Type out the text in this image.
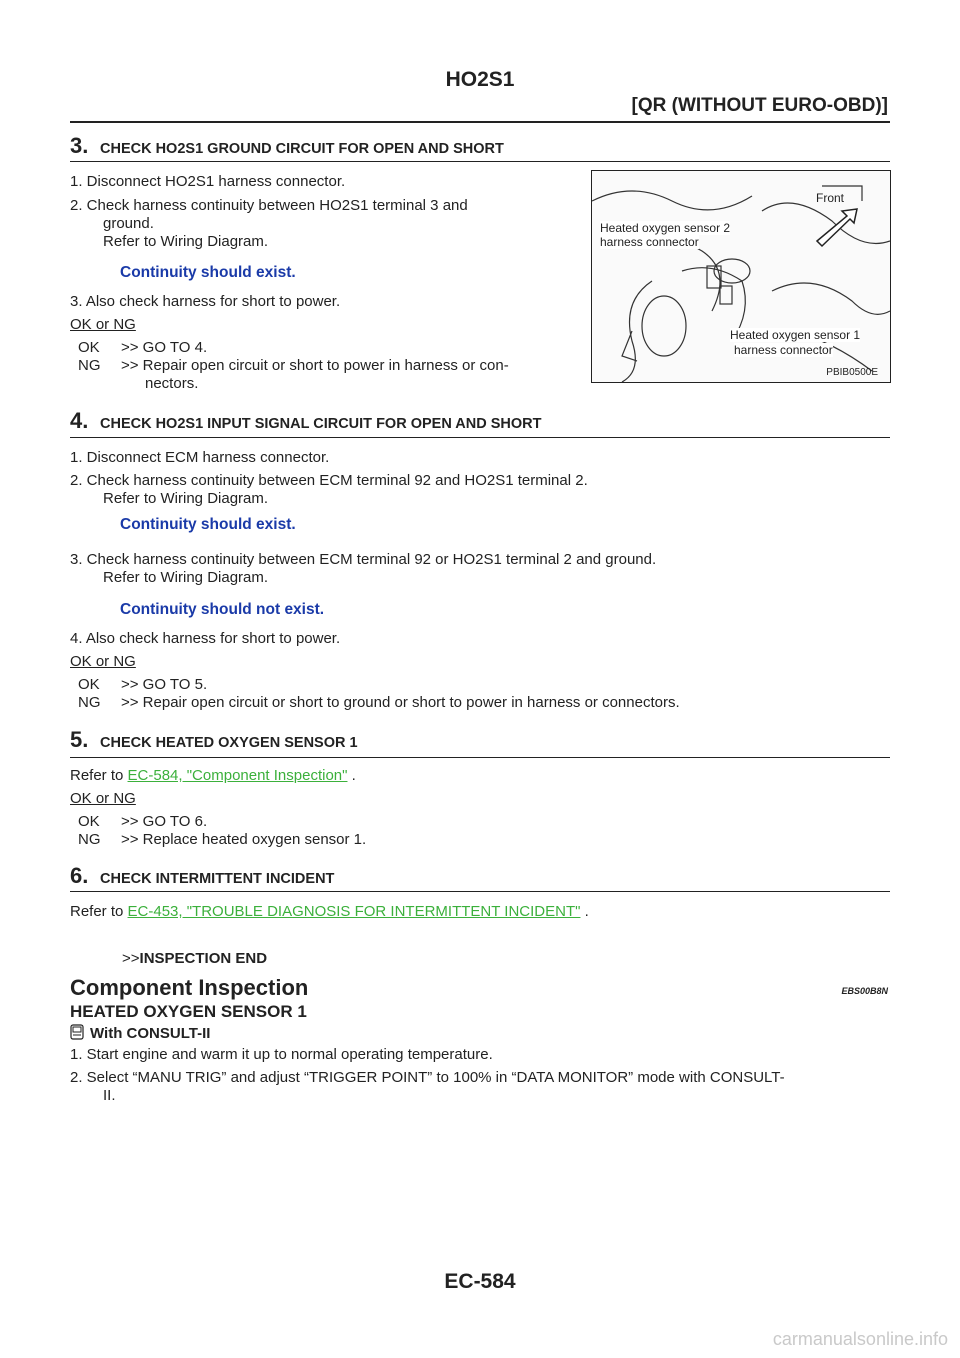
HO2S1
[QR (WITHOUT EURO-OBD)]
3. CHECK HO2S1 GROUND CIRCUIT FOR OPEN AND SHORT
1. Disconnect HO2S1 harness connector.
2. Check harness continuity between HO2S1 terminal 3 and
ground.
Refer to Wiring Diagram.
Continuity should exist.
3. Also check harness for short to power.
OK or NG
OK >> GO TO 4.
NG >> Repair open circuit or short to power in harness or con-
nectors.
Front
Heated oxygen sensor 2
harness connector
Heated oxygen sensor 1
harness connector
PBIB0500E
4. CHECK HO2S1 INPUT SIGNAL CIRCUIT FOR OPEN AND SHORT
1. Disconnect ECM harness connector.
2. Check harness continuity between ECM terminal 92 and HO2S1 terminal 2.
Refer to Wiring Diagram.
Continuity should exist.
3. Check harness continuity between ECM terminal 92 or HO2S1 terminal 2 and ground.
Refer to Wiring Diagram.
Continuity should not exist.
4. Also check harness for short to power.
OK or NG
OK >> GO TO 5.
NG >> Repair open circuit or short to ground or short to power in harness or connectors.
5. CHECK HEATED OXYGEN SENSOR 1
Refer to EC-584, "Component Inspection" .
OK or NG
OK >> GO TO 6.
NG >> Replace heated oxygen sensor 1.
6. CHECK INTERMITTENT INCIDENT
Refer to EC-453, "TROUBLE DIAGNOSIS FOR INTERMITTENT INCIDENT" .
>>INSPECTION END
Component Inspection	EBS00B8N
HEATED OXYGEN SENSOR 1
With CONSULT-II
1. Start engine and warm it up to normal operating temperature.
2. Select “MANU TRIG” and adjust “TRIGGER POINT” to 100% in “DATA MONITOR” mode with CONSULT-
II.
EC-584
carmanualsonline.info
